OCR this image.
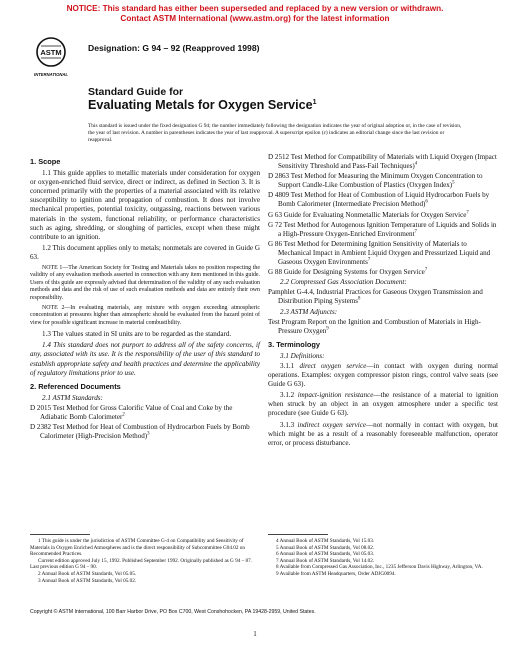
NOTICE: This standard has either been superseded and replaced by a new version or withdrawn.
Contact ASTM International (www.astm.org) for the latest information
ASTM
INTERNATIONAL
Designation: G 94 – 92 (Reapproved 1998)
Standard Guide for
Evaluating Metals for Oxygen Service$^1$
This standard is issued under the fixed designation G 94; the number immediately following the designation indicates the year of original adoption or, in the case of revision, the year of last revision. A number in parentheses indicates the year of last reapproval. A superscript epsilon (ε) indicates an editorial change since the last revision or reapproval.
1. Scope

1.1 This guide applies to metallic materials under consideration for oxygen or oxygen-enriched fluid service, direct or indirect, as defined in Section 3. It is concerned primarily with the properties of a material associated with its relative susceptibility to ignition and propagation of combustion. It does not involve mechanical properties, potential toxicity, outgassing, reactions between various materials in the system, functional reliability, or performance characteristics such as aging, shredding, or sloughing of particles, except when these might contribute to an ignition.

1.2 This document applies only to metals; nonmetals are covered in Guide G 63.

NOTE 1—The American Society for Testing and Materials takes no position respecting the validity of any evaluation methods asserted in connection with any item mentioned in this guide. Users of this guide are expressly advised that determination of the validity of any such evaluation methods and data and the risk of use of such evaluation methods and data are entirely their own responsibility.

NOTE 2—In evaluating materials, any mixture with oxygen exceeding atmospheric concentration at pressures higher than atmospheric should be evaluated from the hazard point of view for possible significant increase in material combustibility.

1.3 The values stated in SI units are to be regarded as the standard.

1.4 This standard does not purport to address all of the safety concerns, if any, associated with its use. It is the responsibility of the user of this standard to establish appropriate safety and health practices and determine the applicability of regulatory limitations prior to use.

2. Referenced Documents
2.1 ASTM Standards:
D 2015 Test Method for Gross Calorific Value of Coal and Coke by the Adiabatic Bomb Calorimeter$^2$
D 2382 Test Method for Heat of Combustion of Hydrocarbon Fuels by Bomb Calorimeter (High-Precision Method)$^3$
D 2512 Test Method for Compatibility of Materials with Liquid Oxygen (Impact Sensitivity Threshold and Pass-Fail Techniques)$^4$
D 2863 Test Method for Measuring the Minimum Oxygen Concentration to Support Candle-Like Combustion of Plastics (Oxygen Index)$^5$
D 4809 Test Method for Heat of Combustion of Liquid Hydrocarbon Fuels by Bomb Calorimeter (Intermediate Precision Method)$^6$
G 63 Guide for Evaluating Nonmetallic Materials for Oxygen Service$^7$
G 72 Test Method for Autogenous Ignition Temperature of Liquids and Solids in a High-Pressure Oxygen-Enriched Environment$^7$
G 86 Test Method for Determining Ignition Sensitivity of Materials to Mechanical Impact in Ambient Liquid Oxygen and Pressurized Liquid and Gaseous Oxygen Environments$^7$
G 88 Guide for Designing Systems for Oxygen Service$^7$
2.2 Compressed Gas Association Document:
Pamphlet G-4.4, Industrial Practices for Gaseous Oxygen Transmission and Distribution Piping Systems$^8$
2.3 ASTM Adjuncts:
Test Program Report on the Ignition and Combustion of Materials in High-Pressure Oxygen$^9$
3. Terminology
3.1 Definitions:

3.1.1 direct oxygen service—in contact with oxygen during normal operations. Examples: oxygen compressor piston rings, control valve seats (see Guide G 63).

3.1.2 impact-ignition resistance—the resistance of a material to ignition when struck by an object in an oxygen atmosphere under a specific test procedure (see Guide G 63).

3.1.3 indirect oxygen service—not normally in contact with oxygen, but which might be as a result of a reasonably foreseeable malfunction, operator error, or process disturbance.

1 This guide is under the jurisdiction of ASTM Committee G-4 on Compatibility and Sensitivity of Materials in Oxygen Enriched Atmospheres and is the direct responsibility of Subcommittee G04.02 on Recommended Practices.
Current edition approved July 15, 1992. Published September 1992. Originally published as G 94 – 87. Last previous edition G 94 – 90.
2 Annual Book of ASTM Standards, Vol 05.05.
3 Annual Book of ASTM Standards, Vol 05.02.
4 Annual Book of ASTM Standards, Vol 15.03.
5 Annual Book of ASTM Standards, Vol 08.02.
6 Annual Book of ASTM Standards, Vol 05.03.
7 Annual Book of ASTM Standards, Vol 14.02.
8 Available from Compressed Gas Association, Inc., 1235 Jefferson Davis Highway, Arlington, VA.
9 Available from ASTM Headquarters, Order ADJG0094.
Copyright © ASTM International, 100 Barr Harbor Drive, PO Box C700, West Conshohocken, PA 19428-2959, United States.
1
